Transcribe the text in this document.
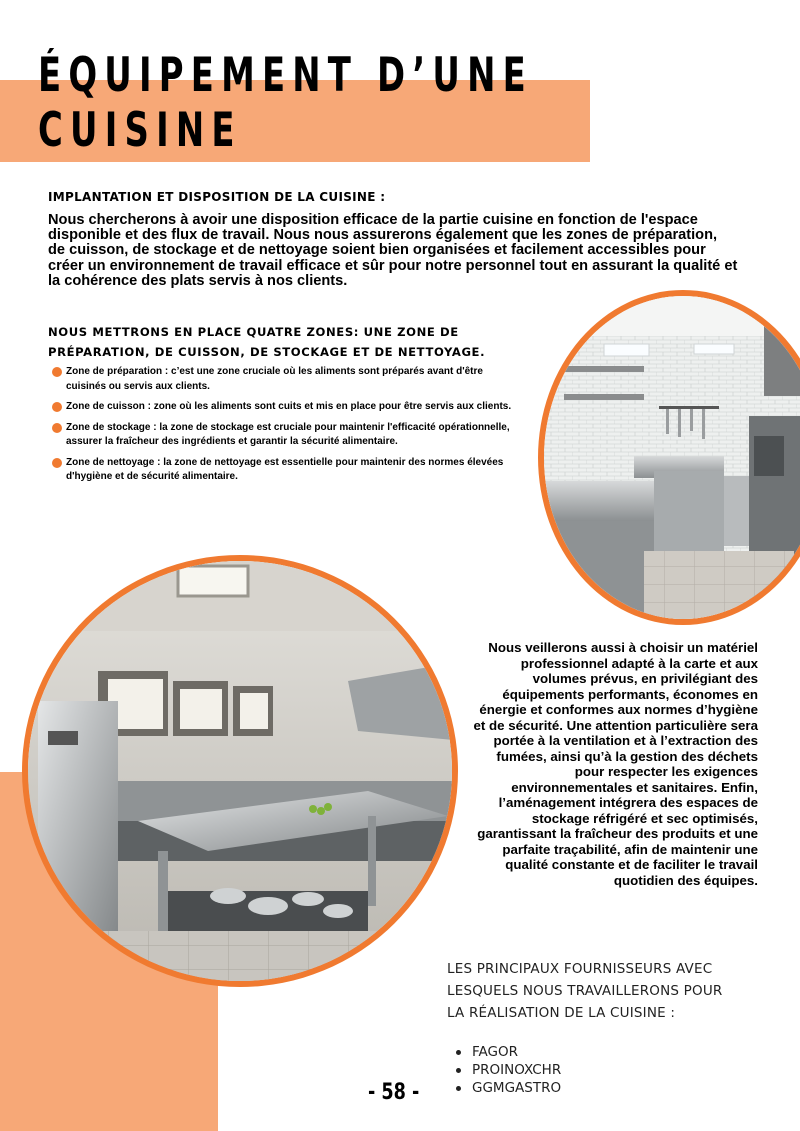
ÉQUIPEMENT D’UNE CUISINE
IMPLANTATION ET DISPOSITION DE LA CUISINE :

Nous chercherons à avoir une disposition efficace de la partie cuisine en fonction de l'espace disponible et des flux de travail. Nous nous assurerons également que les zones de préparation, de cuisson, de stockage et de nettoyage soient bien organisées et facilement accessibles pour créer un environnement de travail efficace et sûr pour notre personnel tout en assurant la qualité et la cohérence des plats servis à nos clients.

NOUS METTRONS EN PLACE QUATRE ZONES: UNE ZONE DE PRÉPARATION, DE CUISSON, DE STOCKAGE ET DE NETTOYAGE.
Zone de préparation : c’est une zone cruciale où les aliments sont préparés avant d'être cuisinés ou servis aux clients.
Zone de cuisson : zone où les aliments sont cuits et mis en place pour être servis aux clients.
Zone de stockage : la zone de stockage est cruciale pour maintenir l'efficacité opérationnelle, assurer la fraîcheur des ingrédients et garantir la sécurité alimentaire.
Zone de nettoyage : la zone de nettoyage est essentielle pour maintenir des normes élevées d'hygiène et de sécurité alimentaire.

Nous veillerons aussi à choisir un matériel professionnel adapté à la carte et aux volumes prévus, en privilégiant des équipements performants, économes en énergie et conformes aux normes d’hygiène et de sécurité. Une attention particulière sera portée à la ventilation et à l’extraction des fumées, ainsi qu’à la gestion des déchets pour respecter les exigences environnementales et sanitaires. Enfin, l’aménagement intégrera des espaces de stockage réfrigéré et sec optimisés, garantissant la fraîcheur des produits et une parfaite traçabilité, afin de maintenir une qualité constante et de faciliter le travail quotidien des équipes.

LES PRINCIPAUX FOURNISSEURS AVEC LESQUELS NOUS TRAVAILLERONS POUR LA RÉALISATION DE LA CUISINE :

FAGOR
PROINOXCHR
GGMGASTRO

- 58 -
